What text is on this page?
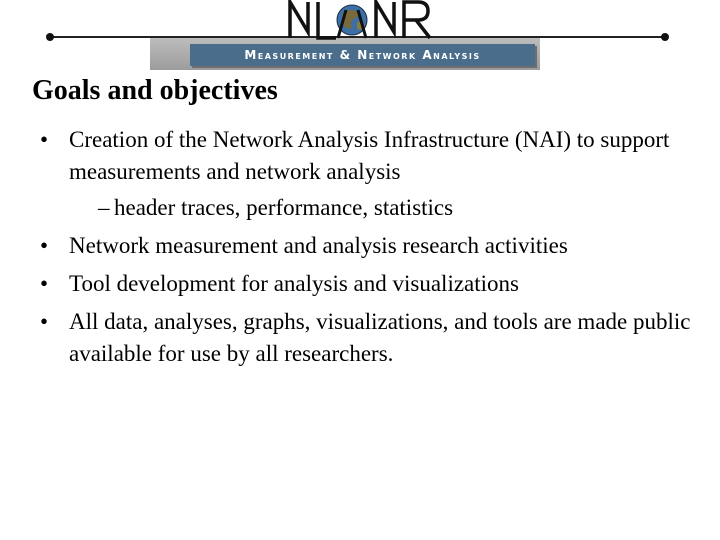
Measurement & Network Analysis
Goals and objectives
• Creation of the Network Analysis Infrastructure (NAI) to support measurements and network analysis
– header traces, performance, statistics
• Network measurement and analysis research activities
• Tool development for analysis and visualizations
• All data, analyses, graphs, visualizations, and tools are made public available for use by all researchers.
